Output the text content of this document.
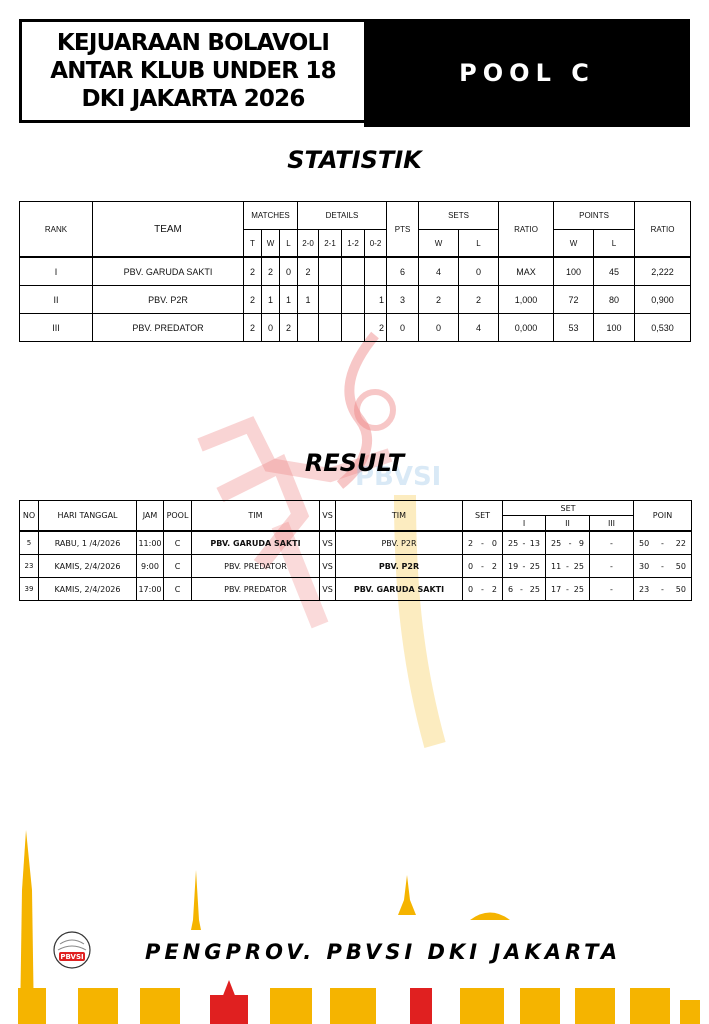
PBVSI
KEJUARAAN BOLAVOLI
ANTAR KLUB UNDER 18
DKI JAKARTA 2026
POOL C
STATISTIK
RANK	TEAM	MATCHES			DETAILS				PTS	SETS		RATIO	POINTS		RATIO
		T	W	L	2-0	2-1	1-2	0-2		W	L		W	L	
I	PBV. GARUDA SAKTI	2	2	0	2				6	4	0	MAX	100	45	2,222
II	PBV. P2R	2	1	1	1			1	3	2	2	1,000	72	80	0,900
III	PBV. PREDATOR	2	0	2				2	0	0	4	0,000	53	100	0,530
RESULT
NO	HARI TANGGAL	JAM	POOL	TIM	VS	TIM	SET	SET			POIN
								I	II	III	
5	RABU, 1 /4/2026	11:00	C	PBV. GARUDA SAKTI	VS	PBV. P2R	2 - 0	25 - 13	25 - 9	-	50 - 22

23	KAMIS, 2/4/2026	9:00	C	PBV. PREDATOR	VS	PBV. P2R	0 - 2	19 - 25	11 - 25	-	30 - 50

39	KAMIS, 2/4/2026	17:00	C	PBV. PREDATOR	VS	PBV. GARUDA SAKTI	0 - 2	6 - 25	17 - 25	-	23 - 50
PBVSI	PENGPROV. PBVSI DKI JAKARTA
